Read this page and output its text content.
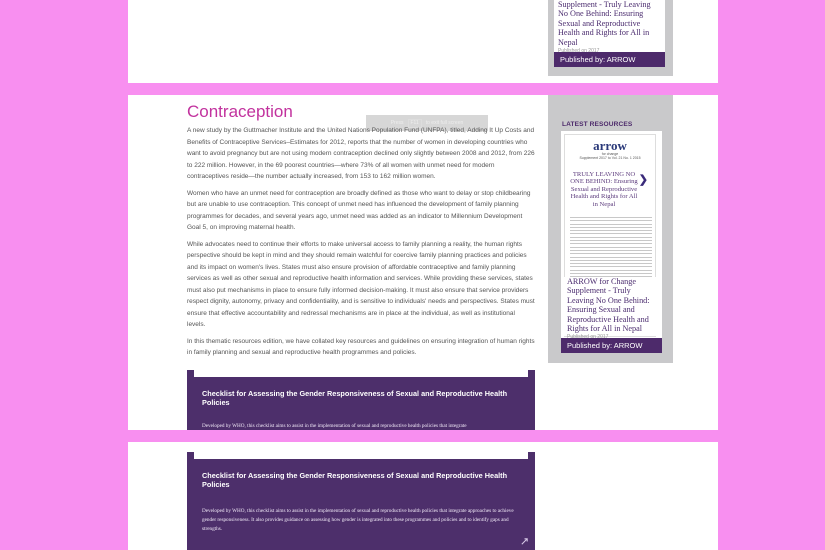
Supplement - Truly Leaving No One Behind: Ensuring Sexual and Reproductive Health and Rights for All in Nepal
Published by: ARROW
Contraception
Press	F11	to exit full screen

A new study by the Guttmacher Institute and the United Nations Population Fund (UNFPA), titled, Adding It Up Costs and Benefits of Contraceptive Services–Estimates for 2012, reports that the number of women in developing countries who want to avoid pregnancy but are not using modern contraception declined only slightly between 2008 and 2012, from 226 to 222 million. However, in the 69 poorest countries—where 73% of all women with unmet need for modern contraceptives reside—the number actually increased, from 153 to 162 million women.

Women who have an unmet need for contraception are broadly defined as those who want to delay or stop childbearing but are unable to use contraception. This concept of unmet need has influenced the development of family planning programmes for decades, and several years ago, unmet need was added as an indicator to Millennium Development Goal 5, on improving maternal health.

While advocates need to continue their efforts to make universal access to family planning a reality, the human rights perspective should be kept in mind and they should remain watchful for coercive family planning practices and policies and its impact on women's lives. States must also ensure provision of affordable contraceptive and family planning services as well as other sexual and reproductive health information and services. While providing these services, states must also put mechanisms in place to ensure fully informed decision-making. It must also ensure that service providers respect dignity, autonomy, privacy and confidentiality, and is sensitive to individuals' needs and perspectives. States must ensure that effective accountability and redressal mechanisms are in place at the individual, as well as institutional levels.

In this thematic resources edition, we have collated key resources and guidelines on ensuring integration of human rights in family planning and sexual and reproductive health programmes and policies.

Checklist for Assessing the Gender Responsiveness of Sexual and Reproductive Health Policies
Developed by WHO, this checklist aims to assist in the implementation of sexual and reproductive health policies that integrate
LATEST RESOURCES
arrow
for change
Supplement 2017 to Vol. 21 No. 1 2015
❯
TRULY LEAVING NO ONE BEHIND: Ensuring Sexual and Reproductive Health and Rights for All in Nepal
ARROW for Change Supplement - Truly Leaving No One Behind: Ensuring Sexual and Reproductive Health and Rights for All in Nepal
Published by: ARROW
Checklist for Assessing the Gender Responsiveness of Sexual and Reproductive Health Policies
Developed by WHO, this checklist aims to assist in the implementation of sexual and reproductive health policies that integrate approaches to achieve gender responsiveness. It also provides guidance on assessing how gender is integrated into these programmes and policies and to identify gaps and strengths.
